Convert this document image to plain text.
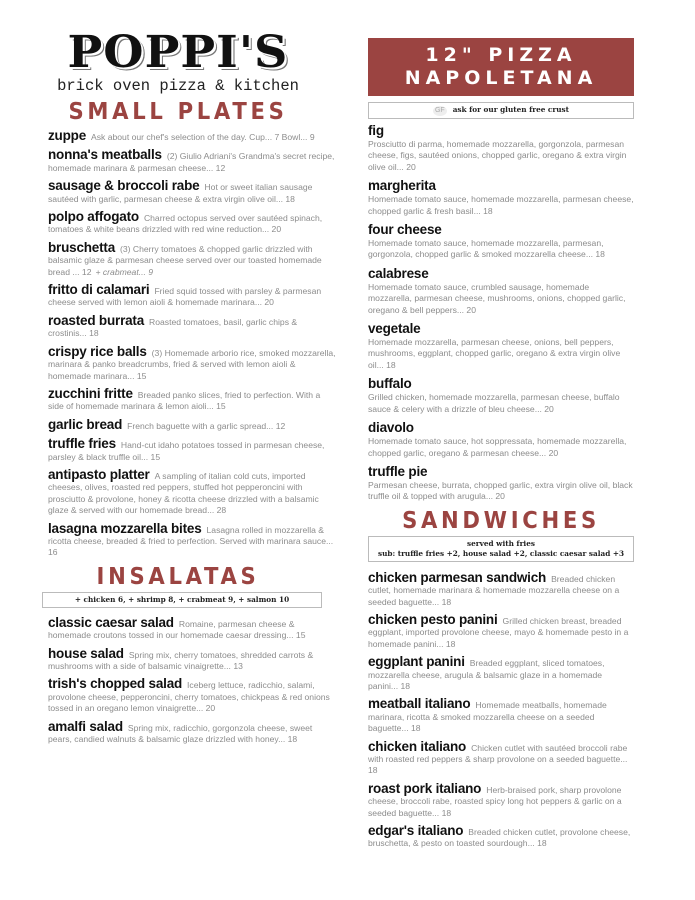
POPPI'S
brick oven pizza & kitchen
SMALL PLATES
zuppe Ask about our chef's selection of the day. Cup... 7 Bowl... 9
nonna's meatballs (2) Giulio Adriani's Grandma's secret recipe, homemade marinara & parmesan cheese... 12
sausage & broccoli rabe Hot or sweet italian sausage sautéed with garlic, parmesan cheese & extra virgin olive oil... 18
polpo affogato Charred octopus served over sautéed spinach, tomatoes & white beans drizzled with red wine reduction... 20
bruschetta (3) Cherry tomatoes & chopped garlic drizzled with balsamic glaze & parmesan cheese served over our toasted homemade bread ... 12 + crabmeat... 9
fritto di calamari Fried squid tossed with parsley & parmesan cheese served with lemon aioli & homemade marinara... 20
roasted burrata Roasted tomatoes, basil, garlic chips & crostinis... 18
crispy rice balls (3) Homemade arborio rice, smoked mozzarella, marinara & panko breadcrumbs, fried & served with lemon aioli & homemade marinara... 15
zucchini fritte Breaded panko slices, fried to perfection. With a side of homemade marinara & lemon aioli... 15
garlic bread French baguette with a garlic spread... 12
truffle fries Hand-cut idaho potatoes tossed in parmesan cheese, parsley & black truffle oil... 15
antipasto platter A sampling of italian cold cuts, imported cheeses, olives, roasted red peppers, stuffed hot pepperoncini with prosciutto & provolone, honey & ricotta cheese drizzled with a balsamic glaze & served with our homemade bread... 28
lasagna mozzarella bites Lasagna rolled in mozzarella & ricotta cheese, breaded & fried to perfection. Served with marinara sauce... 16
INSALATAS
+ chicken 6, + shrimp 8, + crabmeat 9, + salmon 10
classic caesar salad Romaine, parmesan cheese & homemade croutons tossed in our homemade caesar dressing... 15
house salad Spring mix, cherry tomatoes, shredded carrots & mushrooms with a side of balsamic vinaigrette... 13
trish's chopped salad Iceberg lettuce, radicchio, salami, provolone cheese, pepperoncini, cherry tomatoes, chickpeas & red onions tossed in an oregano lemon vinaigrette... 20
amalfi salad Spring mix, radicchio, gorgonzola cheese, sweet pears, candied walnuts & balsamic glaze drizzled with honey... 18
12" PIZZA
NAPOLETANA
GF ask for our gluten free crust
fig
Prosciutto di parma, homemade mozzarella, gorgonzola, parmesan cheese, figs, sautéed onions, chopped garlic, oregano & extra virgin olive oil... 20
margherita
Homemade tomato sauce, homemade mozzarella, parmesan cheese, chopped garlic & fresh basil... 18
four cheese
Homemade tomato sauce, homemade mozzarella, parmesan, gorgonzola, chopped garlic & smoked mozzarella cheese... 18
calabrese
Homemade tomato sauce, crumbled sausage, homemade mozzarella, parmesan cheese, mushrooms, onions, chopped garlic, oregano & bell peppers... 20
vegetale
Homemade mozzarella, parmesan cheese, onions, bell peppers, mushrooms, eggplant, chopped garlic, oregano & extra virgin olive oil... 18
buffalo
Grilled chicken, homemade mozzarella, parmesan cheese, buffalo sauce & celery with a drizzle of bleu cheese... 20
diavolo
Homemade tomato sauce, hot soppressata, homemade mozzarella, chopped garlic, oregano & parmesan cheese... 20
truffle pie
Parmesan cheese, burrata, chopped garlic, extra virgin olive oil, black truffle oil & topped with arugula... 20
SANDWICHES
served with fries
sub: truffle fries +2, house salad +2, classic caesar salad +3
chicken parmesan sandwich Breaded chicken cutlet, homemade marinara & homemade mozzarella cheese on a seeded baguette... 18
chicken pesto panini Grilled chicken breast, breaded eggplant, imported provolone cheese, mayo & homemade pesto in a homemade panini... 18
eggplant panini Breaded eggplant, sliced tomatoes, mozzarella cheese, arugula & balsamic glaze in a homemade panini... 18
meatball italiano Homemade meatballs, homemade marinara, ricotta & smoked mozzarella cheese on a seeded baguette... 18
chicken italiano Chicken cutlet with sautéed broccoli rabe with roasted red peppers & sharp provolone on a seeded baguette... 18
roast pork italiano Herb-braised pork, sharp provolone cheese, broccoli rabe, roasted spicy long hot peppers & garlic on a seeded baguette... 18
edgar's italiano Breaded chicken cutlet, provolone cheese, bruschetta, & pesto on toasted sourdough... 18
